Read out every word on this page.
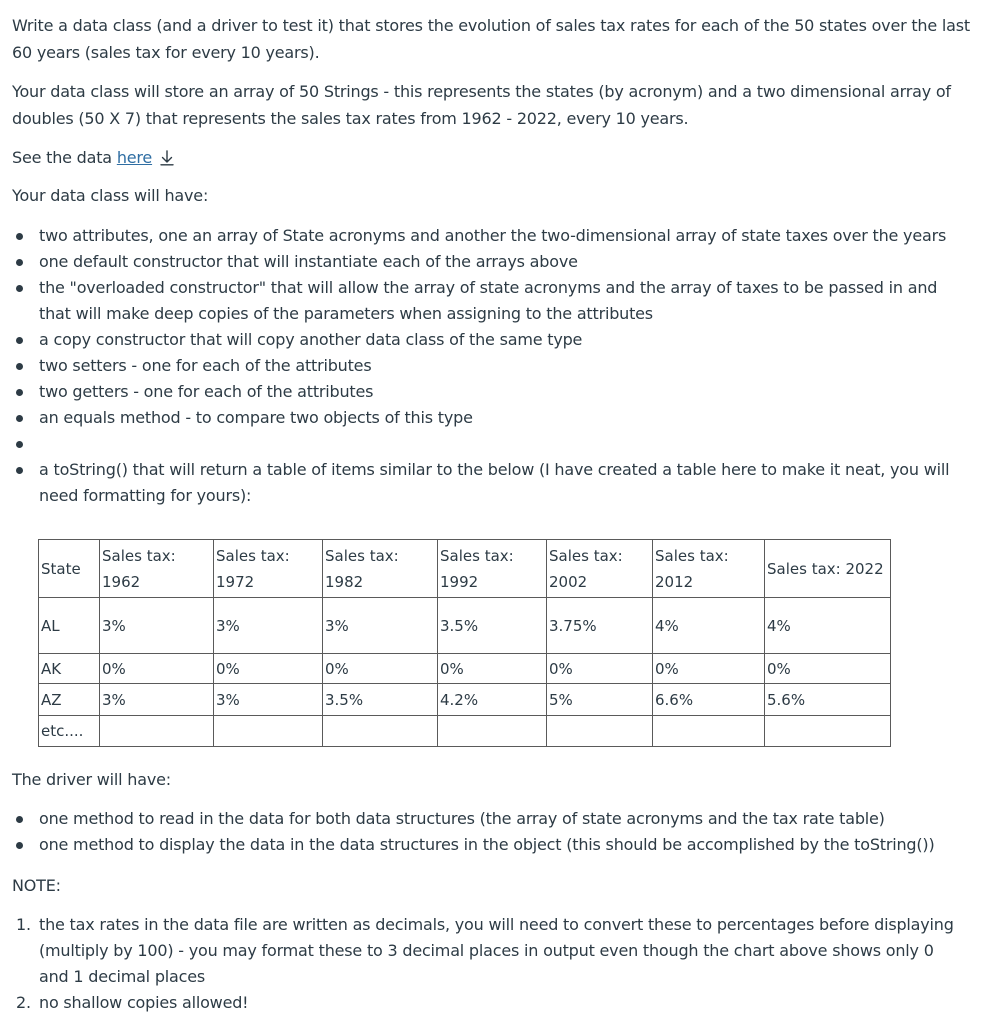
Write a data class (and a driver to test it) that stores the evolution of sales tax rates for each of the 50 states over the last 60 years (sales tax for every 10 years).

Your data class will store an array of 50 Strings - this represents the states (by acronym) and a two dimensional array of doubles (50 X 7) that represents the sales tax rates from 1962 - 2022, every 10 years.

See the data here

Your data class will have:

two attributes, one an array of State acronyms and another the two-dimensional array of state taxes over the years
one default constructor that will instantiate each of the arrays above
the "overloaded constructor" that will allow the array of state acronyms and the array of taxes to be passed in and that will make deep copies of the parameters when assigning to the attributes
a copy constructor that will copy another data class of the same type
two setters - one for each of the attributes
two getters - one for each of the attributes
an equals method - to compare two objects of this type

a toString() that will return a table of items similar to the below (I have created a table here to make it neat, you will need formatting for yours):
State	Sales tax: 1962	Sales tax: 1972	Sales tax: 1982	Sales tax: 1992	Sales tax: 2002	Sales tax: 2012	Sales tax: 2022
AL	3%	3%	3%	3.5%	3.75%	4%	4%
AK	0%	0%	0%	0%	0%	0%	0%
AZ	3%	3%	3.5%	4.2%	5%	6.6%	5.6%
etc....							

The driver will have:

one method to read in the data for both data structures (the array of state acronyms and the tax rate table)
one method to display the data in the data structures in the object (this should be accomplished by the toString())

NOTE:

1. the tax rates in the data file are written as decimals, you will need to convert these to percentages before displaying (multiply by 100) - you may format these to 3 decimal places in output even though the chart above shows only 0 and 1 decimal places
2. no shallow copies allowed!
